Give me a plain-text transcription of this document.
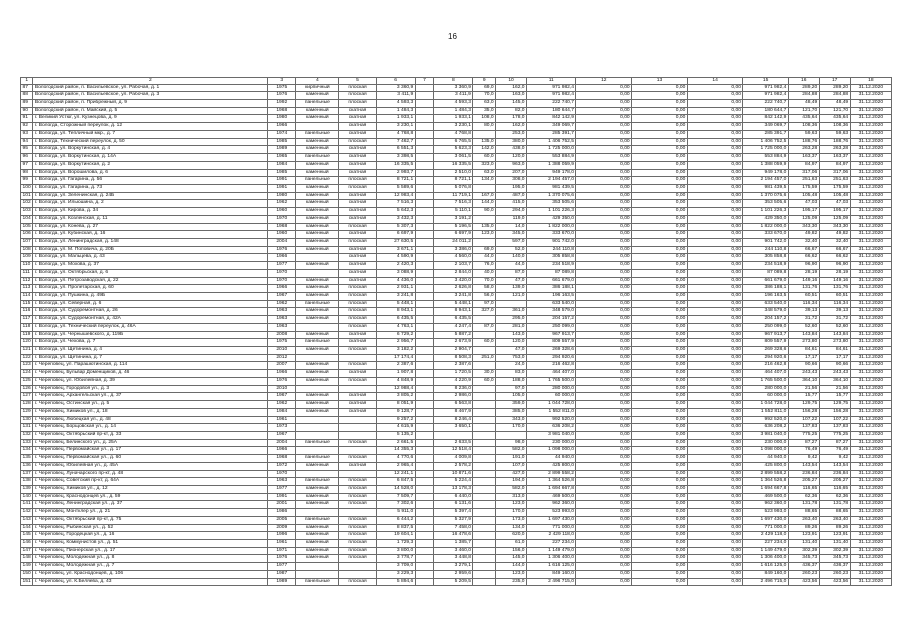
16
1	2	3	4	5	6	7	8	9	10	11	12	13	14	15	16	17	18
87	Вологодский район, п. Васильевское, ул. Рабочая, д. 1	1975	кирпичный	плоская	3 360,9		3 360,9	69,0	162,0	971 982,4	0,00	0,00	0,00	971 982,4	289,20	289,20	31.12.2020
88	Вологодский район, п. Васильевское, ул. Рабочая, д. 3	1976	каменный	плоская	3 411,9		3 411,9	70,0	163,0	971 982,4	0,00	0,00	0,00	971 982,4	284,88	284,88	31.12.2020
89	Вологодский район, п. Прибрежный, д. 9	1992	панельные	плоская	4 593,3		4 593,3	63,0	145,0	222 740,7	0,00	0,00	0,00	222 740,7	48,49	48,49	31.12.2020
90	Вологодский район, п. Майский, д. 5	1968	каменный	скатная	1 484,3		1 484,3	35,0	82,0	180 644,7	0,00	0,00	0,00	180 644,7	121,70	121,70	31.12.2020
91	г. Великий Устюг, ул. Кузнецова, д. 9	1980	каменный	скатная	1 933,1		1 933,1	108,0	178,0	842 142,9	0,00	0,00	0,00	842 142,9	435,64	435,64	31.12.2020
92	г. Вологда, Сторожный переулок, д. 12	1966		скатная	3 230,1		3 230,1	80,0	162,0	349 069,7	0,00	0,00	0,00	349 069,7	108,36	108,36	31.12.2020
93	г. Вологда, ул. Тепличный мкр., д. 7	1974	панельные	скатная	4 768,8		4 768,8		253,0	285 391,7	0,00	0,00	0,00	285 391,7	59,63	59,63	31.12.2020
94	г. Вологда, Технический переулок, д. 50	1985	каменный	плоская	7 462,7		6 765,5	135,0	380,0	1 406 752,5	0,00	0,00	0,00	1 406 752,5	188,76	188,76	31.12.2020
95	г. Вологда, ул. Воркутинская, д. 4	1989	каменный	скатная	6 551,3		5 623,3	142,0	438,0	1 725 000,0	0,00	0,00	0,00	1 725 000,0	263,28	263,28	31.12.2020
96	г. Вологда, ул. Воркутинская, д. 14А	1965	панельные	скатная	3 398,5		3 061,5	60,0	120,0	553 884,9	0,00	0,00	0,00	553 884,9	163,37	163,37	31.12.2020
97	г. Вологда, ул. Воркутинская, д. 2	1984	каменный	скатная	16 335,5		16 335,5	323,0	963,0	1 388 059,9	0,00	0,00	0,00	1 388 059,9	84,97	84,97	31.12.2020
98	г. Вологда, ул. Ворошилова, д. 6	1985	каменный	скатная	2 993,7		2 510,0	63,0	207,0	949 178,0	0,00	0,00	0,00	949 178,0	317,06	317,06	31.12.2020
99	г. Вологда, ул. Гагарина, д. 56	1991	панельные	плоская	8 721,1		8 721,1	134,0	308,0	2 194 457,0	0,00	0,00	0,00	2 194 457,0	251,63	251,63	31.12.2020
100	г. Вологда, ул. Гагарина, д. 73	1991	каменный	плоская	5 589,6		5 076,8		195,0	981 439,5	0,00	0,00	0,00	981 439,5	175,59	175,59	31.12.2020
101	г. Вологда, ул. Зеленинская, д. 24Б	1980	каменный	скатная	12 983,4		11 719,1	167,0	487,0	1 370 075,6	0,00	0,00	0,00	1 370 075,6	105,48	105,48	31.12.2020
102	г. Вологда, ул. Ильюшина, д. 2	1962	каменный	скатная	7 516,3		7 516,3	144,0	415,0	353 505,6	0,00	0,00	0,00	353 505,6	47,03	47,03	31.12.2020
103	г. Вологда, ул. Кирова, д. 34	1960	каменный	скатная	5 642,3		5 110,1	90,0	294,0	1 101 226,3	0,00	0,00	0,00	1 101 226,3	195,17	195,17	31.12.2020
104	г. Вологда, ул. Козленская, д. 11	1970	каменный	скатная	3 432,3		3 191,2		119,0	429 350,0	0,00	0,00	0,00	429 350,0	125,09	125,09	31.12.2020
105	г. Вологда, ул. Конева, д. 27	1968	каменный	плоская	5 307,3		5 196,5	135,0	14,0	1 822 000,0	0,00	0,00	0,00	1 822 000,0	343,30	343,30	31.12.2020
106	г. Вологда, ул. Кубинская, д. 16	1960	каменный	скатная	6 697,9		6 697,9	123,0	345,0	333 670,0	0,00	0,00	0,00	333 670,0	49,82	49,82	31.12.2020
107	г. Вологда, ул. Ленинградская, д. 148	2004	каменный	плоская	27 630,5		24 011,2		597,0	901 742,0	0,00	0,00	0,00	901 742,0	32,40	32,40	31.12.2020
108	г. Вологда, ул. М. Поповича, д. 20Б	1976	каменный	скатная	3 671,1		3 386,0	69,0	52,0	244 110,8	0,00	0,00	0,00	244 110,8	66,67	66,67	31.12.2020
109	г. Вологда, ул. Мальцева, д. 43	1966		скатная	4 590,9		4 560,0	44,0	140,0	305 858,8	0,00	0,00	0,00	305 858,8	66,62	66,62	31.12.2020
110	г. Вологда, ул. Мохова, д. 37	1977	каменный	скатная	2 420,3		2 103,7	76,0	44,0	234 518,9	0,00	0,00	0,00	234 518,9	96,90	96,90	31.12.2020
111	г. Вологда, ул. Октябрьская, д. 6	1970		скатная	3 088,9		2 844,0	40,0	87,0	87 089,8	0,00	0,00	0,00	87 089,8	28,19	28,19	31.12.2020
112	г. Вологда, ул. Петрозаводская, д. 22	1970	каменный	скатная	4 436,0		3 420,0	70,0	47,0	661 679,0	0,00	0,00	0,00	661 679,0	149,16	149,16	31.12.2020
113	г. Вологда, ул. Пролетарская, д. 60	1966	каменный	плоская	2 931,1		2 626,8	58,0	139,0	386 188,1	0,00	0,00	0,00	386 188,1	131,76	131,76	31.12.2020
114	г. Вологда, ул. Пушкина, д. 49Б	1967	каменный	плоская	3 241,8		3 241,8	56,0	121,0	196 163,5	0,00	0,00	0,00	196 163,5	60,51	60,51	31.12.2020
115	г. Вологда, ул. Северная, д. 6	1962	панельные	плоская	5 448,1		5 448,1	97,0		633 540,0	0,00	0,00	0,00	633 540,0	116,34	116,34	31.12.2020
116	г. Вологда, ул. Судоремонтная, д. 26	1963	каменный	плоская	8 943,1		8 943,1	327,0	361,0	348 579,0	0,00	0,00	0,00	348 579,0	39,13	39,13	31.12.2020
117	г. Вологда, ул. Судоремонтная, д. 42А	1963	каменный	плоская	6 435,5		6 435,5		295,0	204 157,2	0,00	0,00	0,00	204 157,2	31,72	31,72	31.12.2020
118	г. Вологда, ул. Технический переулок, д. 46А	1963		плоская	4 763,1		4 247,4	87,0	281,0	250 099,0	0,00	0,00	0,00	250 099,0	52,60	52,60	31.12.2020
119	г. Вологда, ул. Чернышевского, д. 119Б	2008	каменный	скатная	6 729,2		5 887,2		143,0	967 913,7	0,00	0,00	0,00	967 913,7	143,84	143,84	31.12.2020
120	г. Вологда, ул. Чехова, д. 7	1975	панельные	скатная	2 956,7		2 673,9	60,0	120,0	809 557,9	0,00	0,00	0,00	809 557,9	273,80	273,80	31.12.2020
121	г. Вологда, ул. Щетинина, д. 4	2010	каменный	плоская	3 182,2		2 904,7		47,0	269 328,6	0,00	0,00	0,00	269 328,6	84,61	84,61	31.12.2020
122	г. Вологда, ул. Щетинина, д. 7	2012			17 174,4		8 508,3	251,0	753,0	294 920,6	0,00	0,00	0,00	294 920,6	17,17	17,17	31.12.2020
123	г. Череповец, ул. Парашютинская, д. 114	2007	каменный	плоская	2 387,6		2 387,6		24,0	216 462,8	0,00	0,00	0,00	216 462,8	90,66	90,66	31.12.2020
124	г. Череповец, Бульвар Доменщиков, д. 46	1966	каменный	скатная	1 907,8		1 720,5	30,0	83,0	464 407,0	0,00	0,00	0,00	464 407,0	243,43	243,43	31.12.2020
125	г. Череповец, ул. Юбилейная, д. 39	1976	каменный	плоская	4 848,9		4 220,9	60,0	188,0	1 765 500,0	0,00	0,00	0,00	1 765 500,0	364,10	364,10	31.12.2020
126	г. Череповец, Городовоя ул., д. 3	2010			12 988,4		8 236,0		97,0	280 000,0	0,00	0,00	0,00	280 000,0	21,56	21,56	31.12.2020
127	г. Череповец, Архангельская ул., д. 37	1967	каменный	скатная	3 805,2		2 986,0		105,0	60 000,0	0,00	0,00	0,00	60 000,0	15,77	15,77	31.12.2020
128	г. Череповец, Остинская ул., д. 5	1962	каменный	скатная	8 051,9		6 563,8		359,0	1 044 728,0	0,00	0,00	0,00	1 044 728,0	129,75	129,75	31.12.2020
129	г. Череповец, Химиков ул., д. 18	1984	каменный	скатная	9 128,7		8 467,9		385,0	1 552 811,0	0,00	0,00	0,00	1 552 811,0	156,28	156,28	31.12.2020
130	г. Череповец, Любецкая ул., д. 48	1961			9 257,2		8 246,4		343,0	992 520,0	0,00	0,00	0,00	992 520,0	107,22	107,22	31.12.2020
131	г. Череповец, Борщовская ул., д. 14	1973			4 615,9		3 650,1		170,0	636 208,2	0,00	0,00	0,00	636 208,2	137,83	137,83	31.12.2020
132	г. Череповец, Октябрьский пр-кт, д. 33	1967			5 135,2					3 981 040,0	0,00	0,00	0,00	3 981 040,0	775,25	775,25	31.12.2020
133	г. Череповец, Белинского ул., д. 25А	2004	панельные	плоская	2 661,5		2 633,5		98,0	230 000,0	0,00	0,00	0,00	230 000,0	87,27	87,27	31.12.2020
134	г. Череповец, Первомайская ул., д. 17	1966			14 355,3		12 518,4		582,0	1 098 000,0	0,00	0,00	0,00	1 098 000,0	76,49	76,49	31.12.2020
135	г. Череповец, Первомайская ул., д. 60	1968	панельные	плоская	4 770,6		4 009,8		191,0	44 940,0	0,00	0,00	0,00	44 940,0	9,42	9,42	31.12.2020
136	г. Череповец, Юбилейная ул., д. 45А	1972	каменный	скатная	2 965,4		2 578,2		107,0	425 800,0	0,00	0,00	0,00	425 800,0	143,54	143,54	31.12.2020
137	г. Череповец, Луначарского пр-кт, д. 48	1970			12 241,1		10 871,6		427,0	2 899 558,2	0,00	0,00	0,00	2 899 558,2	236,84	236,84	31.12.2020
138	г. Череповец, Советский пр-кт, д. 64А	1963	панельные	плоская	6 847,5		5 224,4		194,0	1 364 526,8	0,00	0,00	0,00	1 364 526,8	205,27	205,27	31.12.2020
139	г. Череповец, Химиков ул., д. 12	1977	каменный	плоская	14 528,0		13 178,3		582,0	1 694 667,8	0,00	0,00	0,00	1 694 667,8	116,65	116,65	31.12.2020
140	г. Череповец, Краснодонцев ул., д. 59	1991	каменный	плоская	7 509,7		6 440,0		313,0	469 500,0	0,00	0,00	0,00	469 500,0	62,36	62,36	31.12.2020
141	г. Череповец, Ленинградская ул., д. 37	2001	каменный	плоская	7 302,6		6 131,6		123,0	962 360,0	0,00	0,00	0,00	962 360,0	131,78	131,78	31.12.2020
142	г. Череповец, Монтклер ул., д. 21	1986			5 911,0		5 397,4		170,0	523 993,0	0,00	0,00	0,00	523 993,0	88,65	88,65	31.12.2020
143	г. Череповец, Октябрьский пр-кт, д. 75	2005	панельные	плоская	6 444,2		5 327,9		173,0	1 697 430,0	0,00	0,00	0,00	1 697 430,0	263,40	263,40	31.12.2020
144	г. Череповец, Рыбинская ул., д. 52	2009	каменный	плоская	8 837,5		7 458,0		134,0	771 000,0	0,00	0,00	0,00	771 000,0	89,26	89,26	31.12.2020
145	г. Череповец, Городецкая ул., д. 16	1996	каменный	плоская	19 604,1		16 478,6		620,0	2 429 118,0	0,00	0,00	0,00	2 429 118,0	123,91	123,91	31.12.2020
146	г. Череповец, Коммунистов ул., д. 51	1961	каменный	плоская	1 729,3		1 385,7		61,0	227 234,0	0,00	0,00	0,00	227 234,0	131,40	131,40	31.12.2020
147	г. Череповец, Пионерская ул., д. 17	1971	каменный	плоская	3 800,0		3 460,0		156,0	1 149 479,0	0,00	0,00	0,00	1 149 479,0	302,39	302,39	31.12.2020
148	г. Череповец, Молодежная ул., д. 8	1976	каменный	плоская	3 778,7		3 448,8		145,0	1 306 400,0	0,00	0,00	0,00	1 306 400,0	345,73	345,73	31.12.2020
149	г. Череповец, Молодежная ул., д. 7	1977			3 709,0		3 279,1		144,0	1 616 125,0	0,00	0,00	0,00	1 616 125,0	436,37	436,37	31.12.2020
150	г. Череповец, ул. Краснодонцев, д. 106	1987			3 229,3		2 959,6		123,0	849 160,0	0,00	0,00	0,00	849 160,0	260,23	260,23	31.12.2020
151	г. Череповец, ул. К.Беляева, д. 43	1989	панельные	плоская	5 894,6		5 209,5		235,0	2 496 715,0	0,00	0,00	0,00	2 496 715,0	423,56	423,56	31.12.2020
